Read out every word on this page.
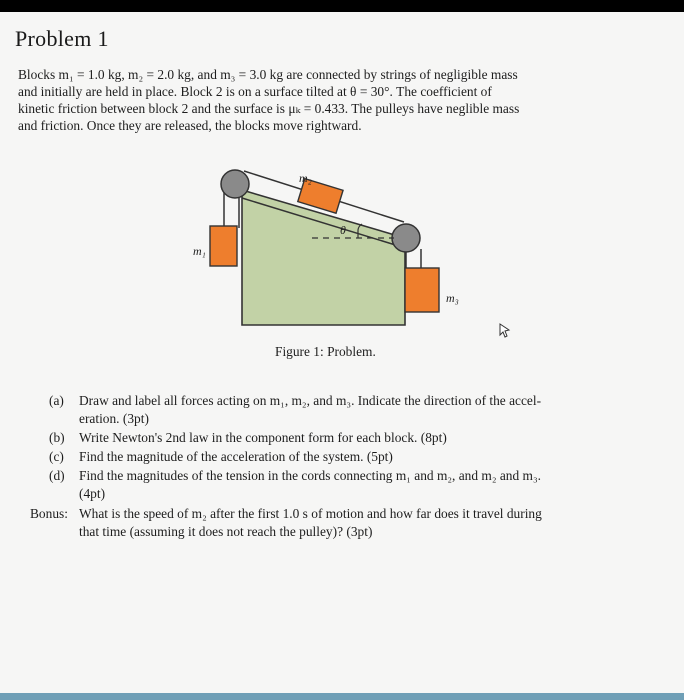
Problem 1

Blocks m₁ = 1.0 kg, m₂ = 2.0 kg, and m₃ = 3.0 kg are connected by strings of negligible mass
and initially are held in place. Block 2 is on a surface tilted at θ = 30°. The coefficient of
kinetic friction between block 2 and the surface is μₖ = 0.433. The pulleys have neglible mass
and friction. Once they are released, the blocks move rightward.

m₂
θ
m₁
m₃
Figure 1: Problem.
(a) Draw and label all forces acting on m₁, m₂, and m₃. Indicate the direction of the accel-
eration. (3pt)
(b) Write Newton's 2nd law in the component form for each block. (8pt)
(c) Find the magnitude of the acceleration of the system. (5pt)
(d) Find the magnitudes of the tension in the cords connecting m₁ and m₂, and m₂ and m₃.
(4pt)
Bonus: What is the speed of m₂ after the first 1.0 s of motion and how far does it travel during
that time (assuming it does not reach the pulley)? (3pt)
